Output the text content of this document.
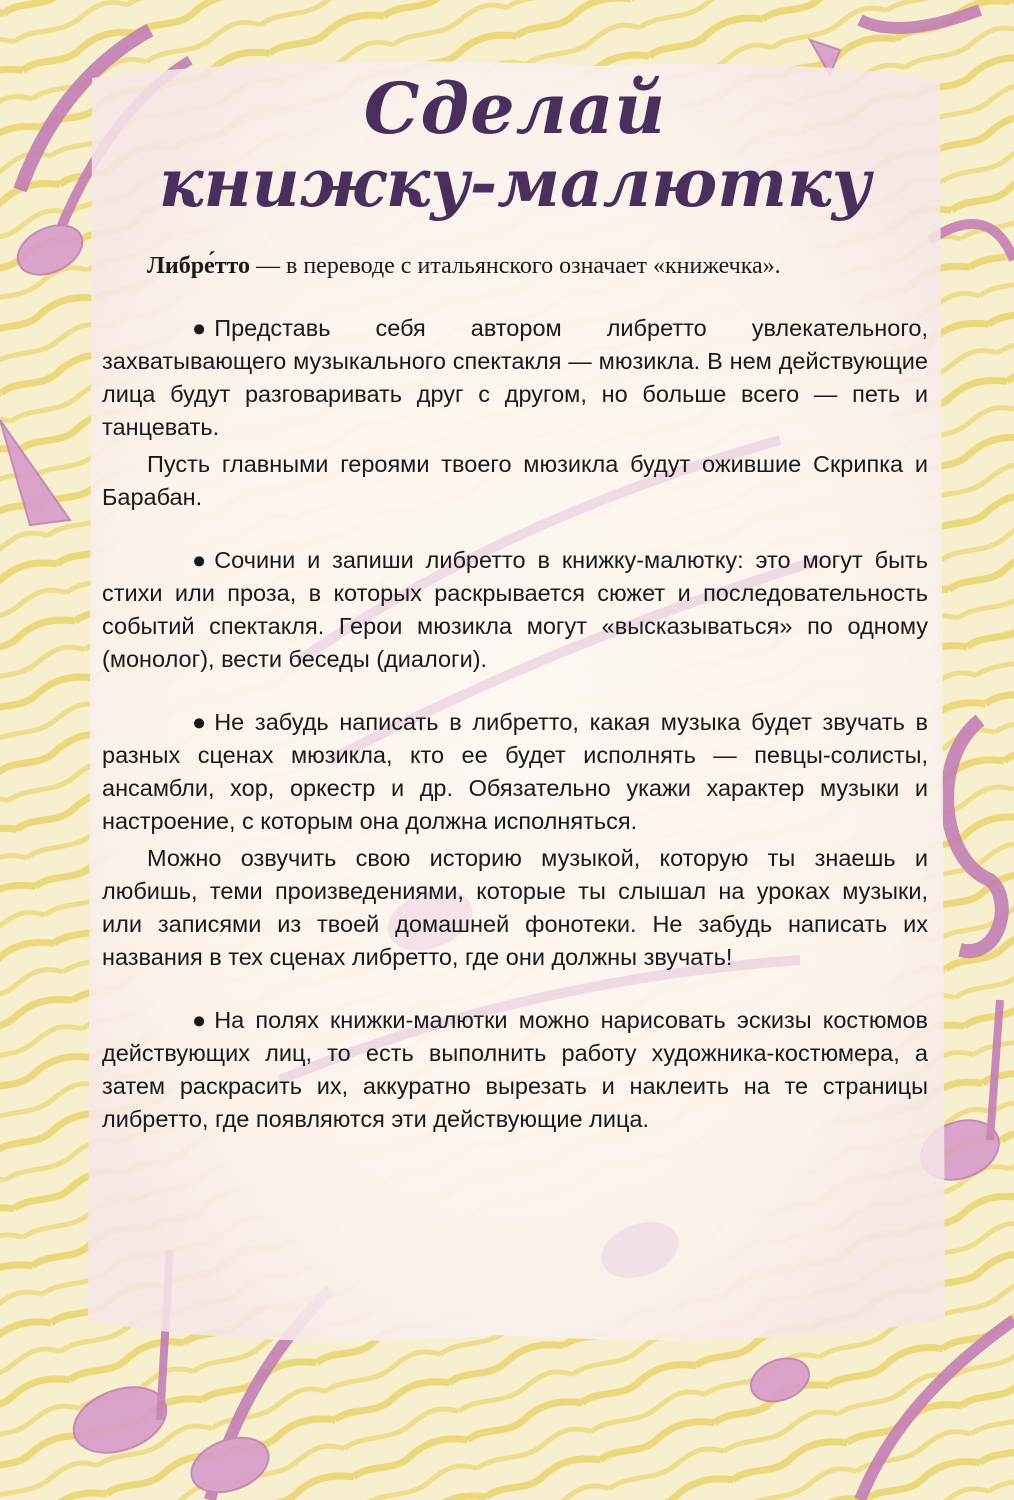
Сделай
книжку-малютку

Либре́тто — в переводе с итальянского означает «книжечка».

● Представь себя автором либретто увлекательного, захватывающего музыкального спектакля — мюзикла. В нем действующие лица будут разговаривать друг с другом, но больше всего — петь и танцевать.

Пусть главными героями твоего мюзикла будут ожившие Скрипка и Барабан.

● Сочини и запиши либретто в книжку-малютку: это могут быть стихи или проза, в которых раскрывается сюжет и последовательность событий спектакля. Герои мюзикла могут «высказываться» по одному (монолог), вести беседы (диалоги).

● Не забудь написать в либретто, какая музыка будет звучать в разных сценах мюзикла, кто ее будет исполнять — певцы-солисты, ансамбли, хор, оркестр и др. Обязательно укажи характер музыки и настроение, с которым она должна исполняться.

Можно озвучить свою историю музыкой, которую ты знаешь и любишь, теми произведениями, которые ты слышал на уроках музыки, или записями из твоей домашней фонотеки. Не забудь написать их названия в тех сценах либретто, где они должны звучать!

● На полях книжки-малютки можно нарисовать эскизы костюмов действующих лиц, то есть выполнить работу художника-костюмера, а затем раскрасить их, аккуратно вырезать и наклеить на те страницы либретто, где появляются эти действующие лица.
